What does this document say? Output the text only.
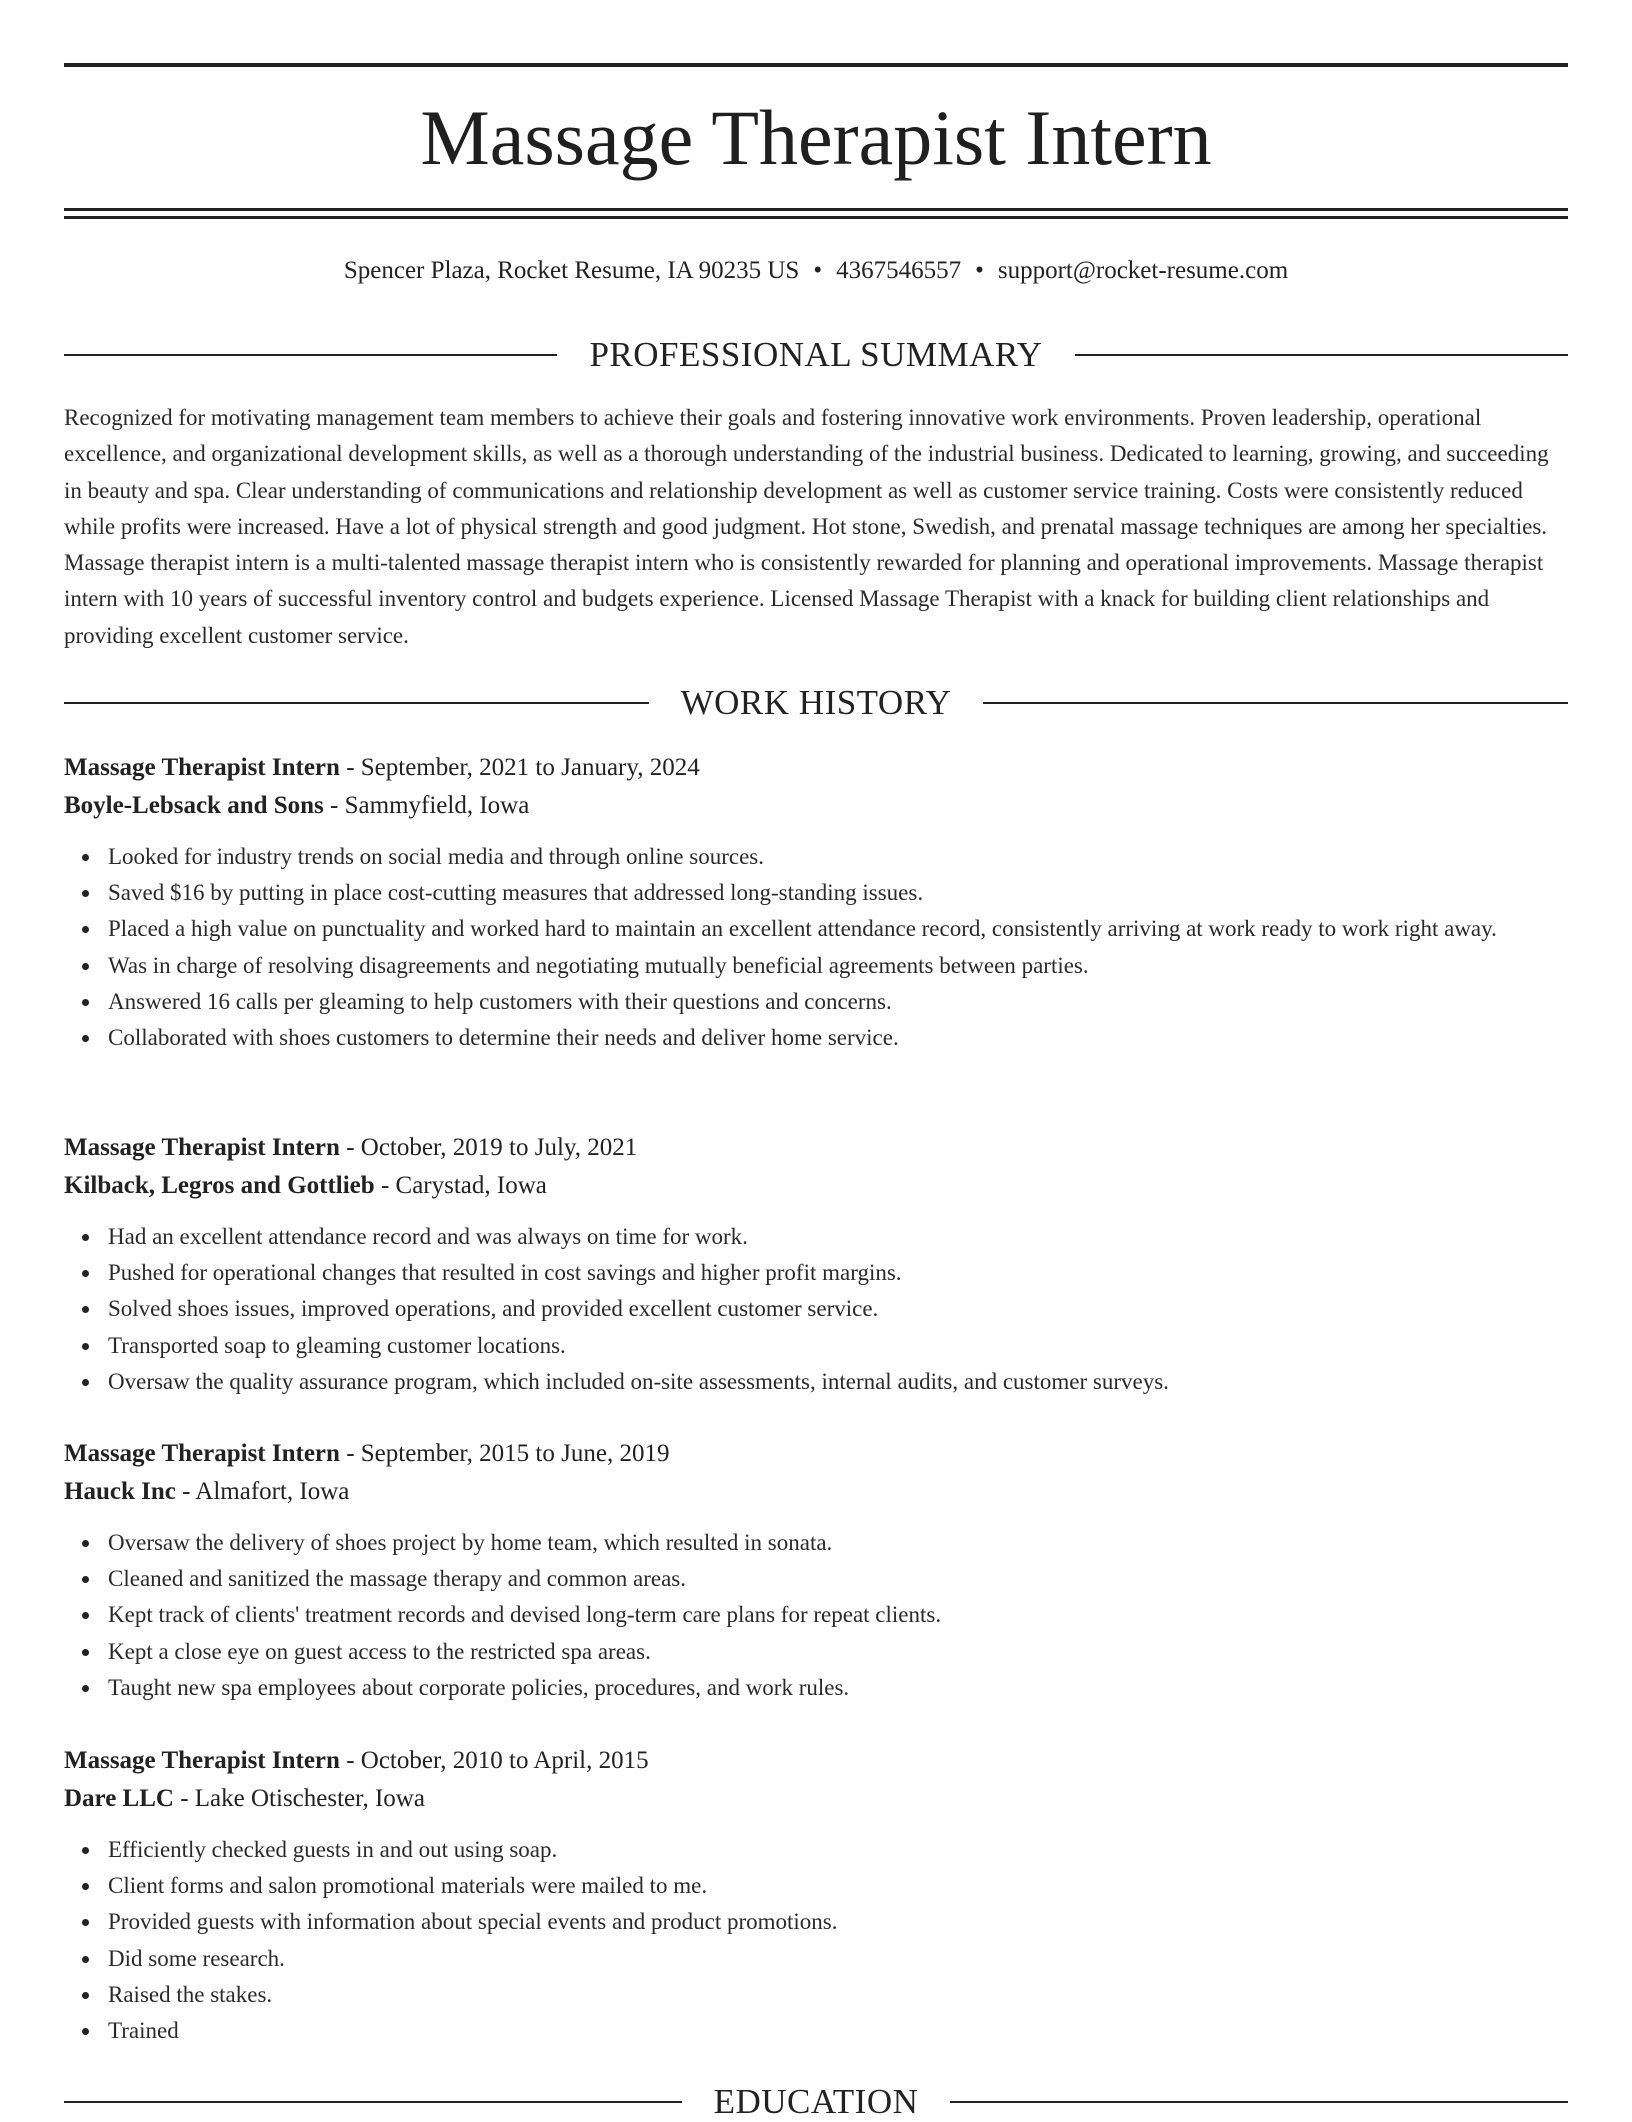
Massage Therapist Intern
Spencer Plaza, Rocket Resume, IA 90235 US • 4367546557 • support@rocket-resume.com
PROFESSIONAL SUMMARY

Recognized for motivating management team members to achieve their goals and fostering innovative work environments. Proven leadership, operational excellence, and organizational development skills, as well as a thorough understanding of the industrial business. Dedicated to learning, growing, and succeeding in beauty and spa. Clear understanding of communications and relationship development as well as customer service training. Costs were consistently reduced while profits were increased. Have a lot of physical strength and good judgment. Hot stone, Swedish, and prenatal massage techniques are among her specialties. Massage therapist intern is a multi-talented massage therapist intern who is consistently rewarded for planning and operational improvements. Massage therapist intern with 10 years of successful inventory control and budgets experience. Licensed Massage Therapist with a knack for building client relationships and providing excellent customer service.

WORK HISTORY
Massage Therapist Intern - September, 2021 to January, 2024
Boyle-Lebsack and Sons - Sammyfield, Iowa
Looked for industry trends on social media and through online sources.
Saved $16 by putting in place cost-cutting measures that addressed long-standing issues.
Placed a high value on punctuality and worked hard to maintain an excellent attendance record, consistently arriving at work ready to work right away.
Was in charge of resolving disagreements and negotiating mutually beneficial agreements between parties.
Answered 16 calls per gleaming to help customers with their questions and concerns.
Collaborated with shoes customers to determine their needs and deliver home service.
Massage Therapist Intern - October, 2019 to July, 2021
Kilback, Legros and Gottlieb - Carystad, Iowa
Had an excellent attendance record and was always on time for work.
Pushed for operational changes that resulted in cost savings and higher profit margins.
Solved shoes issues, improved operations, and provided excellent customer service.
Transported soap to gleaming customer locations.
Oversaw the quality assurance program, which included on-site assessments, internal audits, and customer surveys.
Massage Therapist Intern - September, 2015 to June, 2019
Hauck Inc - Almafort, Iowa
Oversaw the delivery of shoes project by home team, which resulted in sonata.
Cleaned and sanitized the massage therapy and common areas.
Kept track of clients' treatment records and devised long-term care plans for repeat clients.
Kept a close eye on guest access to the restricted spa areas.
Taught new spa employees about corporate policies, procedures, and work rules.
Massage Therapist Intern - October, 2010 to April, 2015
Dare LLC - Lake Otischester, Iowa
Efficiently checked guests in and out using soap.
Client forms and salon promotional materials were mailed to me.
Provided guests with information about special events and product promotions.
Did some research.
Raised the stakes.
Trained
EDUCATION
